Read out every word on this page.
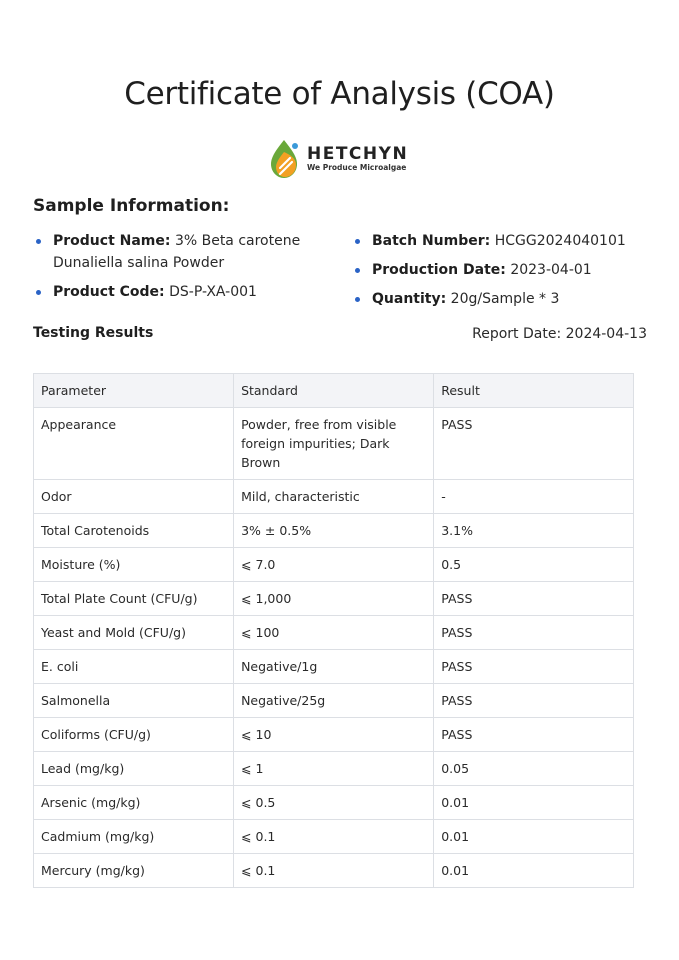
Certificate of Analysis (COA)
HETCHYN
We Produce Microalgae
Sample Information:
Product Name: 3% Beta carotene Dunaliella salina Powder
Product Code: DS-P-XA-001
Batch Number: HCGG2024040101
Production Date: 2023-04-01
Quantity: 20g/Sample * 3
Testing Results	Report Date: 2024-04-13
Parameter	Standard	Result
Appearance	Powder, free from visible foreign impurities; Dark Brown	PASS
Odor	Mild, characteristic	-
Total Carotenoids	3% ± 0.5%	3.1%
Moisture (%)	⩽ 7.0	0.5
Total Plate Count (CFU/g)	⩽ 1,000	PASS
Yeast and Mold (CFU/g)	⩽ 100	PASS
E. coli	Negative/1g	PASS
Salmonella	Negative/25g	PASS
Coliforms (CFU/g)	⩽ 10	PASS
Lead (mg/kg)	⩽ 1	0.05
Arsenic (mg/kg)	⩽ 0.5	0.01
Cadmium (mg/kg)	⩽ 0.1	0.01
Mercury (mg/kg)	⩽ 0.1	0.01
